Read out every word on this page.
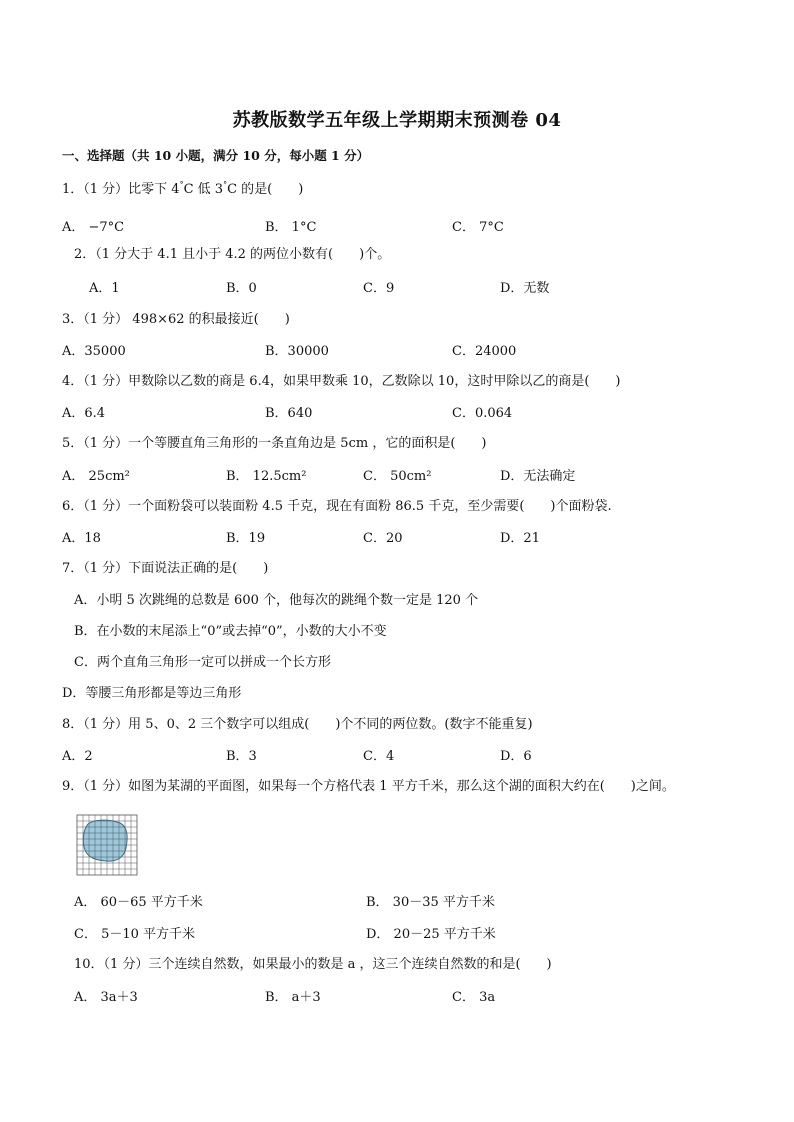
苏教版数学五年级上学期期末预测卷 04
一、选择题（共 10 小题，满分 10 分，每小题 1 分）
1．（1 分）比零下 4°C 低 3°C 的是( )
A． −7°C	B． 1°C	C． 7°C
2．（1 分大于 4.1 且小于 4.2 的两位小数有( )个。
A．1	B．0	C．9	D．无数
3．（1 分） 498×62 的积最接近( )
A．35000	B．30000	C．24000
4．（1 分）甲数除以乙数的商是 6.4，如果甲数乘 10，乙数除以 10，这时甲除以乙的商是( )
A．6.4	B．640	C．0.064
5．（1 分）一个等腰直角三角形的一条直角边是 5cm ，它的面积是( )
A． 25cm²	B． 12.5cm²	C． 50cm²	D．无法确定
6．（1 分）一个面粉袋可以装面粉 4.5 千克，现在有面粉 86.5 千克，至少需要( )个面粉袋.
A．18	B．19	C．20	D．21
7．（1 分）下面说法正确的是( )
A．小明 5 次跳绳的总数是 600 个，他每次的跳绳个数一定是 120 个
B．在小数的末尾添上“0”或去掉“0”，小数的大小不变
C．两个直角三角形一定可以拼成一个长方形
D．等腰三角形都是等边三角形
8．（1 分）用 5、0、2 三个数字可以组成( )个不同的两位数。(数字不能重复)
A．2	B．3	C．4	D．6
9．（1 分）如图为某湖的平面图，如果每一个方格代表 1 平方千米，那么这个湖的面积大约在( )之间。
A． 60－65 平方千米	B． 30－35 平方千米
C． 5－10 平方千米	D． 20－25 平方千米
10．（1 分）三个连续自然数，如果最小的数是 a ，这三个连续自然数的和是( )
A． 3a＋3	B． a＋3	C． 3a
